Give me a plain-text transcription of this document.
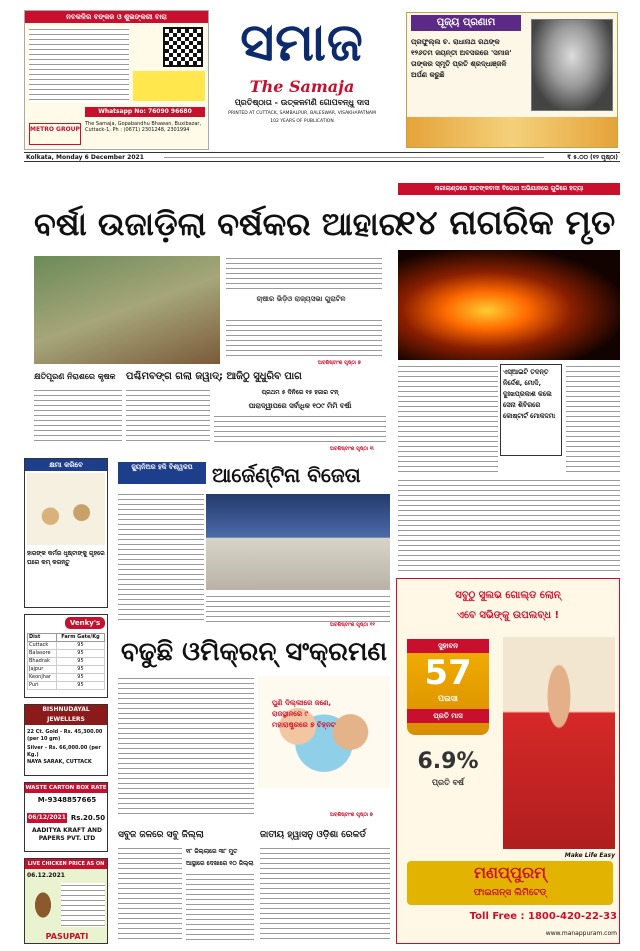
ନବକଳିର ବଙ୍କଜ ଓ ଶୁଭଙ୍କରୀ ବାରା
Whatsapp No: 76090 96680
METRO GROUP
The Samaja, Gopabandhu Bhawan, Buxibazar, Cuttack-1, Ph : (0671) 2301248, 2301994
ସମାଜ
The Samaja
ପ୍ରତିଷ୍ଠାତା - ଉତ୍କଳମଣି ଗୋପବନ୍ଧୁ ଦାସ
PRINTED AT CUTTACK, SAMBALPUR, BALESWAR, VISAKHAPATNAM
102 YEARS OF PUBLICATION
ପୂଜ୍ୟ ପ୍ରଣାମ
ପ୍ରଫୁଲ୍ଲ ଚ. ରାଧାନାଥ ରଥଙ୍କ ୧୨୬ତମ ଜୟନ୍ତୀ ଅବସରରେ 'ସମାଜ' ତାଙ୍କର ସ୍ମୃତି ପ୍ରତି ଶ୍ରଦ୍ଧାଞ୍ଜଳି ଅର୍ପଣ କରୁଛି
Kolkata, Monday 6 December 2021	₹ ୫.୦୦ (୧୨ ପୃଷ୍ଠା)
ବର୍ଷା ଉଜାଡ଼ିଲା ବର୍ଷକର ଆହାର
ଚାଷୀର ଭିଡ଼ିଓ ରାଜ୍ୟସଭା ଗୁରାଟିନ
ଅବଶିଷ୍ଟାଂଶ ପୃଷ୍ଠା ୭
ନାଗାଲାଣ୍ଡରେ ଆତଙ୍କବାଦୀ ବିରୋଧୀ ଅଭିଯାନରେ ଗୁଳିରେ ହତ୍ୟା
୧୪ ନାଗରିକ ମୃତ
ଏସ୍ଆଇଟି ତଦନ୍ତ ନିର୍ଦ୍ଦେଶ, ମୋଦି, ଦୁଃଖପ୍ରକାଶ କଲେ ସେନା ଶିବିରରେ କୋଷ୍ଟାର୍ଟ ମୋକଦ୍ଦମା
କ୍ଷତିପୂରଣ ନିରାଶରେ କୃଷକ	ପଶ୍ଚିମବଙ୍ଗ ଗଲା ଜୱାଦ୍; ଆଜିଠୁ ସୁଧୁରିବ ପାଗ
ପ୍ରଥମ ୫ ଦିନିରେ ୧୫ ହଜାର ଟନ୍
ପାରାଦ୍ୱୀପରେ ସର୍ବାଧିକ ୧୦୯ ମିମି ବର୍ଷା
ଅବଶିଷ୍ଟାଂଶ ପୃଷ୍ଠା ୩
କ୍ଷମା କରିବେ
ହାରଙ୍କ କର୍ମର ଧୃଷ୍ଟାଙ୍କୁ ଗୃହରେ ଘରେ କମ୍‌ କରନ୍ତୁ
ଜ୍ୟୁନିଅର ହକି ବିଶ୍ୱକପ ଆର୍ଜେଣ୍ଟିନା ବିଜେତା
ଅବଶିଷ୍ଟାଂଶ ପୃଷ୍ଠା ୧୧
Venky's
Dist	Farm Gate/Kg
Cuttack	95
Balasore	95
Bhadrak	95
Jajpur	95
Keonjhar	95
Puri	95
BISHNUDAYAL JEWELLERS
22 Ct. Gold - Rs. 45,300.00 (per 10 gm)
Silver - Rs. 66,000.00 (per Kg.)
NAYA SARAK, CUTTACK
WASTE CARTON BOX RATE
M-9348857665
06/12/2021 Rs.20.50
AADITYA KRAFT AND PAPERS PVT. LTD
LIVE CHICKEN PRICE AS ON
06.12.2021
PASUPATI
ବଢୁଛି ଓମିକ୍ରନ୍ ସଂକ୍ରମଣ
ପୁଣି ଦିଲ୍ଲୀରେ ଜଣେ, ରାଜସ୍ଥାନରେ ୯ ମହାରାଷ୍ଟ୍ରରେ ୭ ଚିହ୍ନଟ
ଅବଶିଷ୍ଟାଂଶ ପୃଷ୍ଠା ୭
ସବୁଜ ଜଳରେ ସବୁ ଜିଲ୍ଲା
୧୮ ଜିଲ୍ଲାରେ ୩୮ ମୁତ
ଆସ୍ଥାରେ ଦେଖାରେ ୧୦ ଜିଲ୍ଲା
ଜାତୀୟ ହ୍ୱାସନୁ ଓଡ଼ିଶା ରେକର୍ଡ
ସବୁଠୁ ସୁଲଭ ଗୋଲ୍ଡ ଲୋନ୍
ଏବେ ସଭିଙ୍କୁ ଉପଲବ୍ଧ !
ସୁହାବନ
57
ପଇସା
ପ୍ରତି ମାସ
6.9%
ପ୍ରତି ବର୍ଷ
Make Life Easy
ମଣପ୍ପୁରମ୍
ଫାଇନାନ୍ସ ଲିମିଟେଡ୍
Toll Free : 1800-420-22-33
www.manappuram.com
